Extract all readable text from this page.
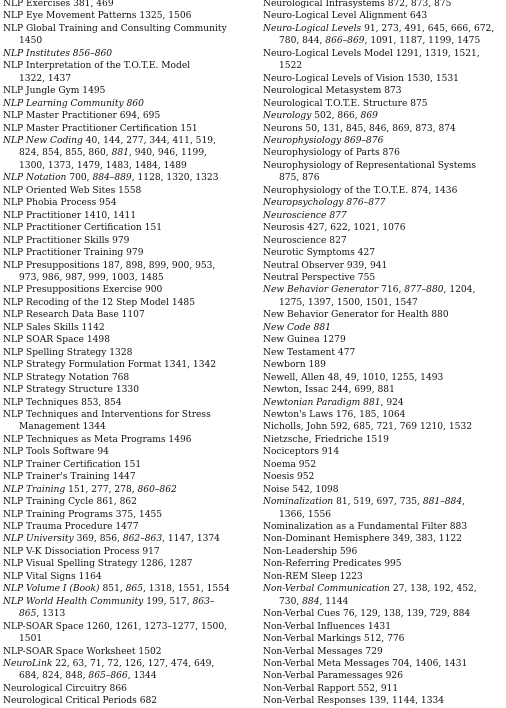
NLP Exercises 381, 469
NLP Eye Movement Patterns 1325, 1506
NLP Global Training and Consulting Community
1450
NLP Institutes 856–860
NLP Interpretation of the T.O.T.E. Model
1322, 1437
NLP Jungle Gym 1495
NLP Learning Community 860
NLP Master Practitioner 694, 695
NLP Master Practitioner Certification 151
NLP New Coding 40, 144, 277, 344, 411, 519,
824, 854, 855, 860, 881, 940, 946, 1199,
1300, 1373, 1479, 1483, 1484, 1489
NLP Notation 700, 884–889, 1128, 1320, 1323
NLP Oriented Web Sites 1558
NLP Phobia Process 954
NLP Practitioner 1410, 1411
NLP Practitioner Certification 151
NLP Practitioner Skills 979
NLP Practitioner Training 979
NLP Presuppositions 187, 898, 899, 900, 953,
973, 986, 987, 999, 1003, 1485
NLP Presuppositions Exercise 900
NLP Recoding of the 12 Step Model 1485
NLP Research Data Base 1107
NLP Sales Skills 1142
NLP SOAR Space 1498
NLP Spelling Strategy 1328
NLP Strategy Formulation Format 1341, 1342
NLP Strategy Notation 768
NLP Strategy Structure 1330
NLP Techniques 853, 854
NLP Techniques and Interventions for Stress
Management 1344
NLP Techniques as Meta Programs 1496
NLP Tools Software 94
NLP Trainer Certification 151
NLP Trainer's Training 1447
NLP Training 151, 277, 278, 860–862
NLP Training Cycle 861, 862
NLP Training Programs 375, 1455
NLP Trauma Procedure 1477
NLP University 369, 856, 862–863, 1147, 1374
NLP V-K Dissociation Process 917
NLP Visual Spelling Strategy 1286, 1287
NLP Vital Signs 1164
NLP Volume I (Book) 851, 865, 1318, 1551, 1554
NLP World Health Community 199, 517, 863–
865, 1313
NLP-SOAR Space 1260, 1261, 1273–1277, 1500,
1501
NLP-SOAR Space Worksheet 1502
NeuroLink 22, 63, 71, 72, 126, 127, 474, 649,
684, 824, 848, 865–866, 1344
Neurological Circuitry 866
Neurological Critical Periods 682
Neurological Infrasystems 872, 873, 875
Neuro-Logical Level Alignment 643
Neuro-Logical Levels 91, 273, 491, 645, 666, 672,
780, 844, 866–869, 1091, 1187, 1199, 1475
Neuro-Logical Levels Model 1291, 1319, 1521,
1522
Neuro-Logical Levels of Vision 1530, 1531
Neurological Metasystem 873
Neurological T.O.T.E. Structure 875
Neurology 502, 866, 869
Neurons 50, 131, 845, 846, 869, 873, 874
Neurophysiology 869–876
Neurophysiology of Parts 876
Neurophysiology of Representational Systems
875, 876
Neurophysiology of the T.O.T.E. 874, 1436
Neuropsychology 876–877
Neuroscience 877
Neurosis 427, 622, 1021, 1076
Neuroscience 827
Neurotic Symptoms 427
Neutral Observer 939, 941
Neutral Perspective 755
New Behavior Generator 716, 877–880, 1204,
1275, 1397, 1500, 1501, 1547
New Behavior Generator for Health 880
New Code 881
New Guinea 1279
New Testament 477
Newborn 189
Newell, Allen 48, 49, 1010, 1255, 1493
Newton, Issac 244, 699, 881
Newtonian Paradigm 881, 924
Newton's Laws 176, 185, 1064
Nicholls, John 592, 685, 721, 769 1210, 1532
Nietzsche, Friedriche 1519
Nociceptors 914
Noema 952
Noesis 952
Noise 542, 1098
Nominalization 81, 519, 697, 735, 881–884,
1366, 1556
Nominalization as a Fundamental Filter 883
Non-Dominant Hemisphere 349, 383, 1122
Non-Leadership 596
Non-Referring Predicates 995
Non-REM Sleep 1223
Non-Verbal Communication 27, 138, 192, 452,
730, 884, 1144
Non-Verbal Cues 76, 129, 138, 139, 729, 884
Non-Verbal Influences 1431
Non-Verbal Markings 512, 776
Non-Verbal Messages 729
Non-Verbal Meta Messages 704, 1406, 1431
Non-Verbal Paramessages 926
Non-Verbal Rapport 552, 911
Non-Verbal Responses 139, 1144, 1334
